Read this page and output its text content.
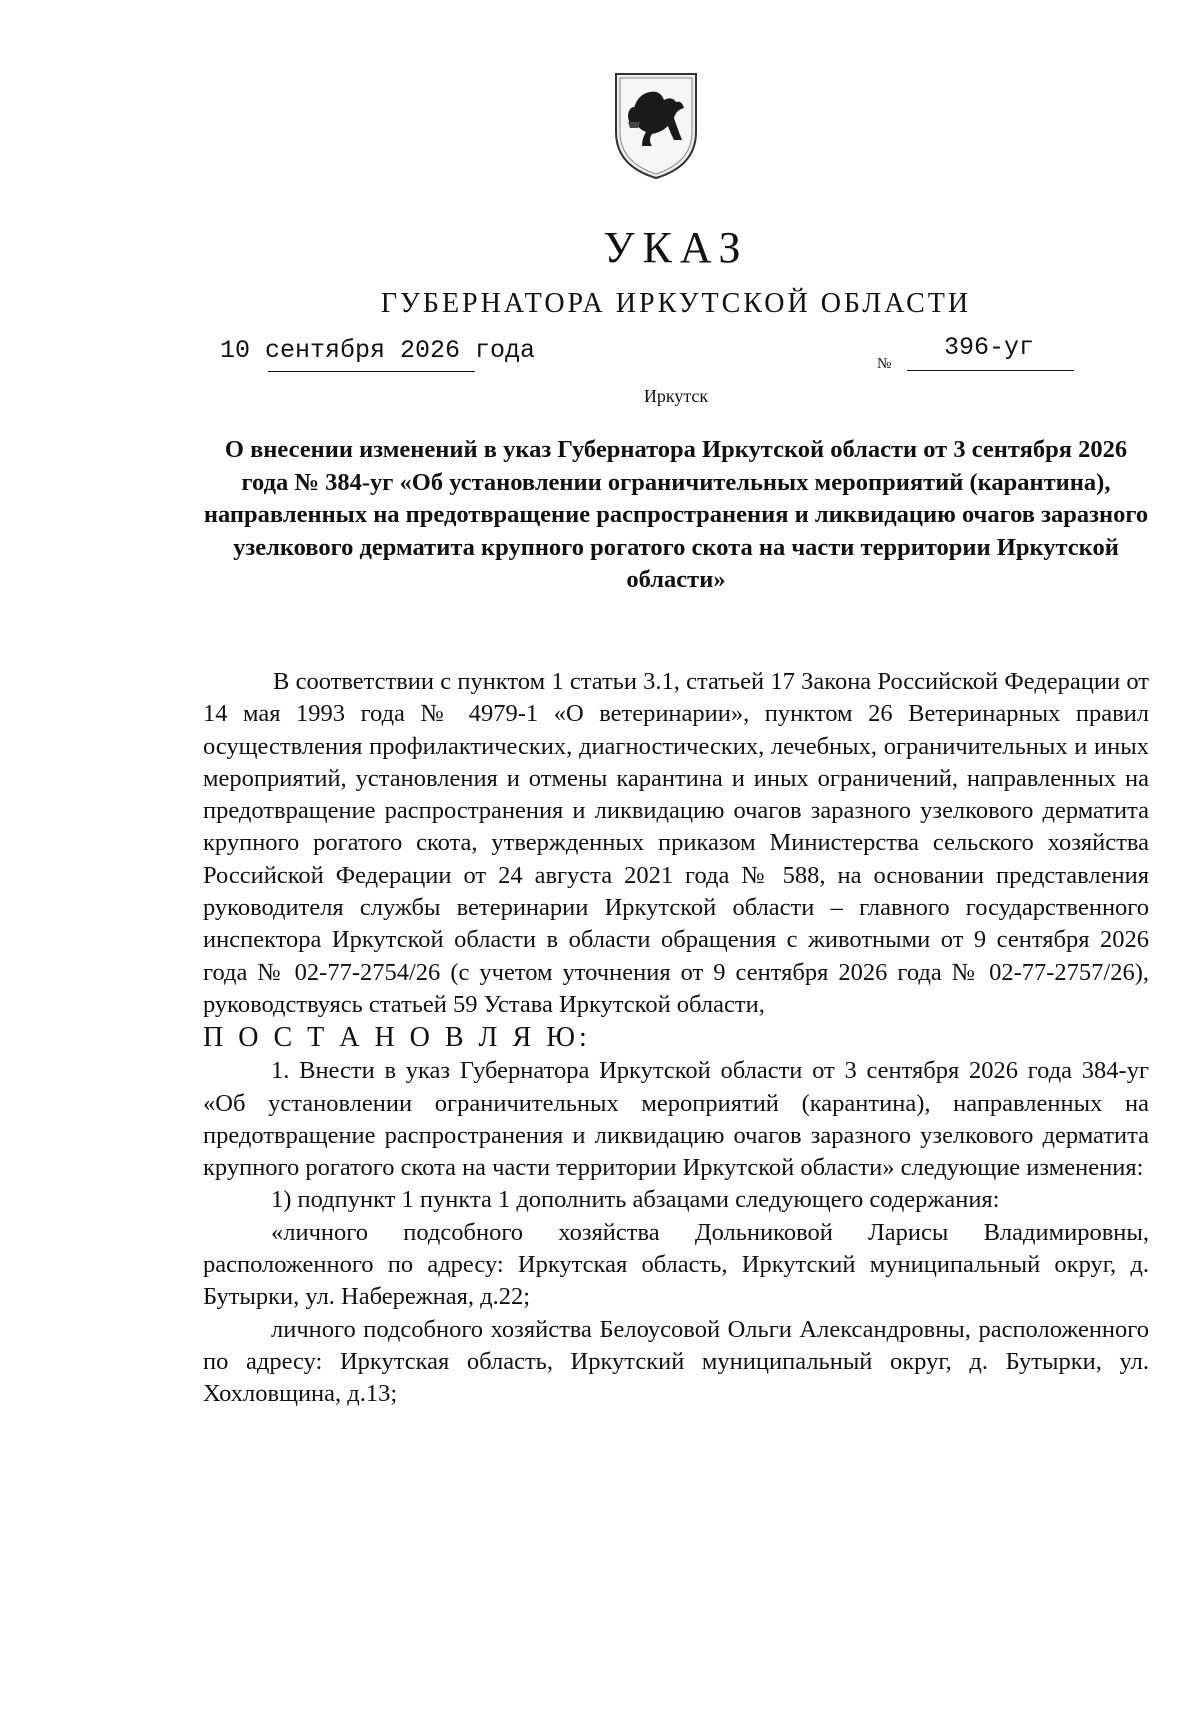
УКАЗ
ГУБЕРНАТОРА ИРКУТСКОЙ ОБЛАСТИ
10 сентября 2026 года	№
396-уг
Иркутск
О внесении изменений в указ Губернатора Иркутской области от 3 сентября 2026 года № 384-уг «Об установлении ограничительных мероприятий (карантина), направленных на предотвращение распространения и ликвидацию очагов заразного узелкового дерматита крупного рогатого скота на части территории Иркутской области»

В соответствии с пунктом 1 статьи 3.1, статьей 17 Закона Российской Федерации от 14 мая 1993 года № 4979-1 «О ветеринарии», пунктом 26 Ветеринарных правил осуществления профилактических, диагностических, лечебных, ограничительных и иных мероприятий, установления и отмены карантина и иных ограничений, направленных на предотвращение распространения и ликвидацию очагов заразного узелкового дерматита крупного рогатого скота, утвержденных приказом Министерства сельского хозяйства Российской Федерации от 24 августа 2021 года № 588, на основании представления руководителя службы ветеринарии Иркутской области – главного государственного инспектора Иркутской области в области обращения с животными от 9 сентября 2026 года № 02-77-2754/26 (с учетом уточнения от 9 сентября 2026 года № 02-77-2757/26), руководствуясь статьей 59 Устава Иркутской области,

П О С Т А Н О В Л Я Ю:

1. Внести в указ Губернатора Иркутской области от 3 сентября 2026 года 384-уг «Об установлении ограничительных мероприятий (карантина), направленных на предотвращение распространения и ликвидацию очагов заразного узелкового дерматита крупного рогатого скота на части территории Иркутской области» следующие изменения:

1) подпункт 1 пункта 1 дополнить абзацами следующего содержания:

«личного подсобного хозяйства Дольниковой Ларисы Владимировны, расположенного по адресу: Иркутская область, Иркутский муниципальный округ, д. Бутырки, ул. Набережная, д.22;

личного подсобного хозяйства Белоусовой Ольги Александровны, расположенного по адресу: Иркутская область, Иркутский муниципальный округ, д. Бутырки, ул. Хохловщина, д.13;
